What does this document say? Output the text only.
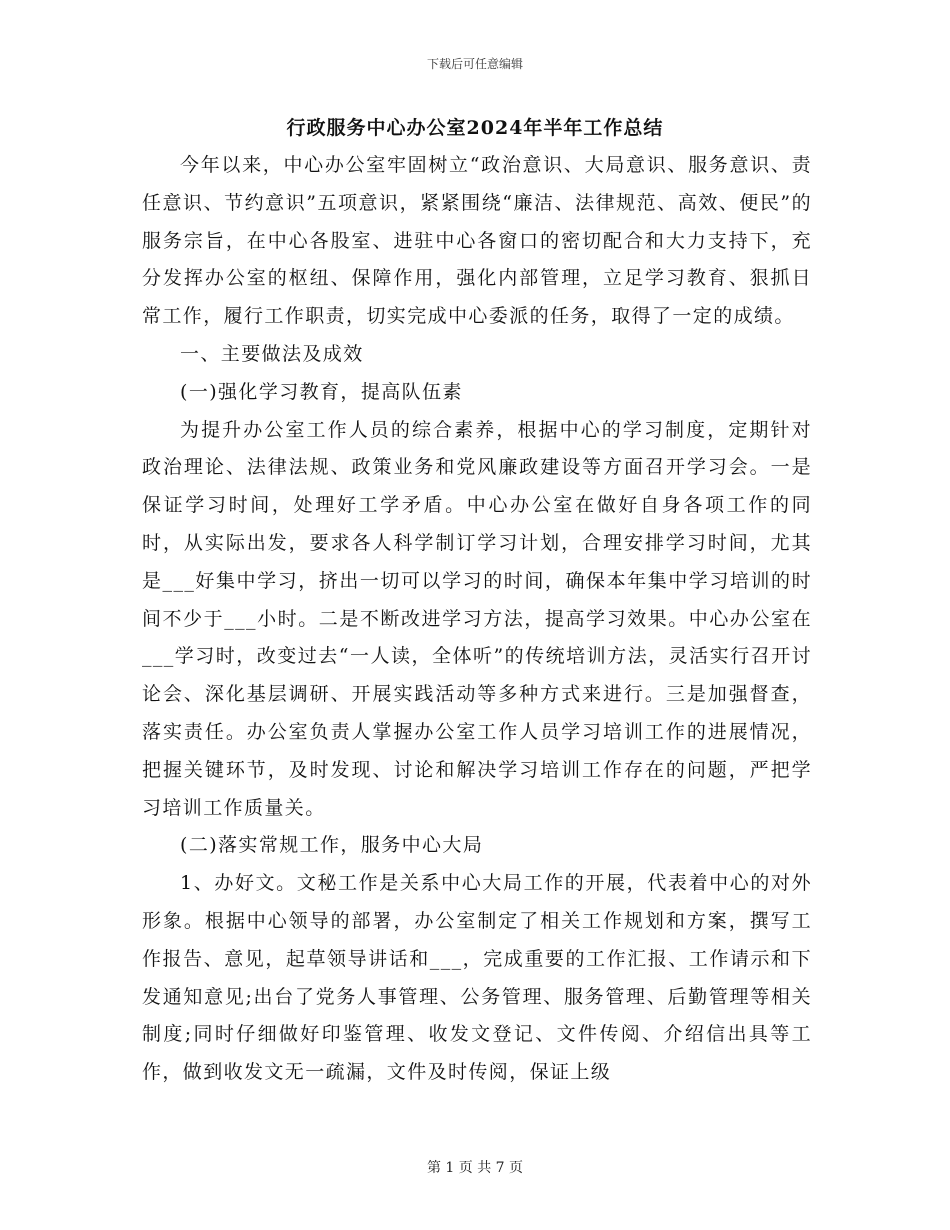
下载后可任意编辑
行政服务中心办公室2024年半年工作总结

今年以来，中心办公室牢固树立“政治意识、大局意识、服务意识、责任意识、节约意识”五项意识，紧紧围绕“廉洁、法律规范、高效、便民”的服务宗旨，在中心各股室、进驻中心各窗口的密切配合和大力支持下，充分发挥办公室的枢纽、保障作用，强化内部管理，立足学习教育、狠抓日常工作，履行工作职责，切实完成中心委派的任务，取得了一定的成绩。

一、主要做法及成效

(一)强化学习教育，提高队伍素

为提升办公室工作人员的综合素养，根据中心的学习制度，定期针对政治理论、法律法规、政策业务和党风廉政建设等方面召开学习会。一是保证学习时间，处理好工学矛盾。中心办公室在做好自身各项工作的同时，从实际出发，要求各人科学制订学习计划，合理安排学习时间，尤其是___好集中学习，挤出一切可以学习的时间，确保本年集中学习培训的时间不少于___小时。二是不断改进学习方法，提高学习效果。中心办公室在___学习时，改变过去“一人读，全体听”的传统培训方法，灵活实行召开讨论会、深化基层调研、开展实践活动等多种方式来进行。三是加强督查，落实责任。办公室负责人掌握办公室工作人员学习培训工作的进展情况，把握关键环节，及时发现、讨论和解决学习培训工作存在的问题，严把学习培训工作质量关。

(二)落实常规工作，服务中心大局

1、办好文。文秘工作是关系中心大局工作的开展，代表着中心的对外形象。根据中心领导的部署，办公室制定了相关工作规划和方案，撰写工作报告、意见，起草领导讲话和___，完成重要的工作汇报、工作请示和下发通知意见;出台了党务人事管理、公务管理、服务管理、后勤管理等相关制度;同时仔细做好印鉴管理、收发文登记、文件传阅、介绍信出具等工作，做到收发文无一疏漏，文件及时传阅，保证上级

第 1 页 共 7 页
